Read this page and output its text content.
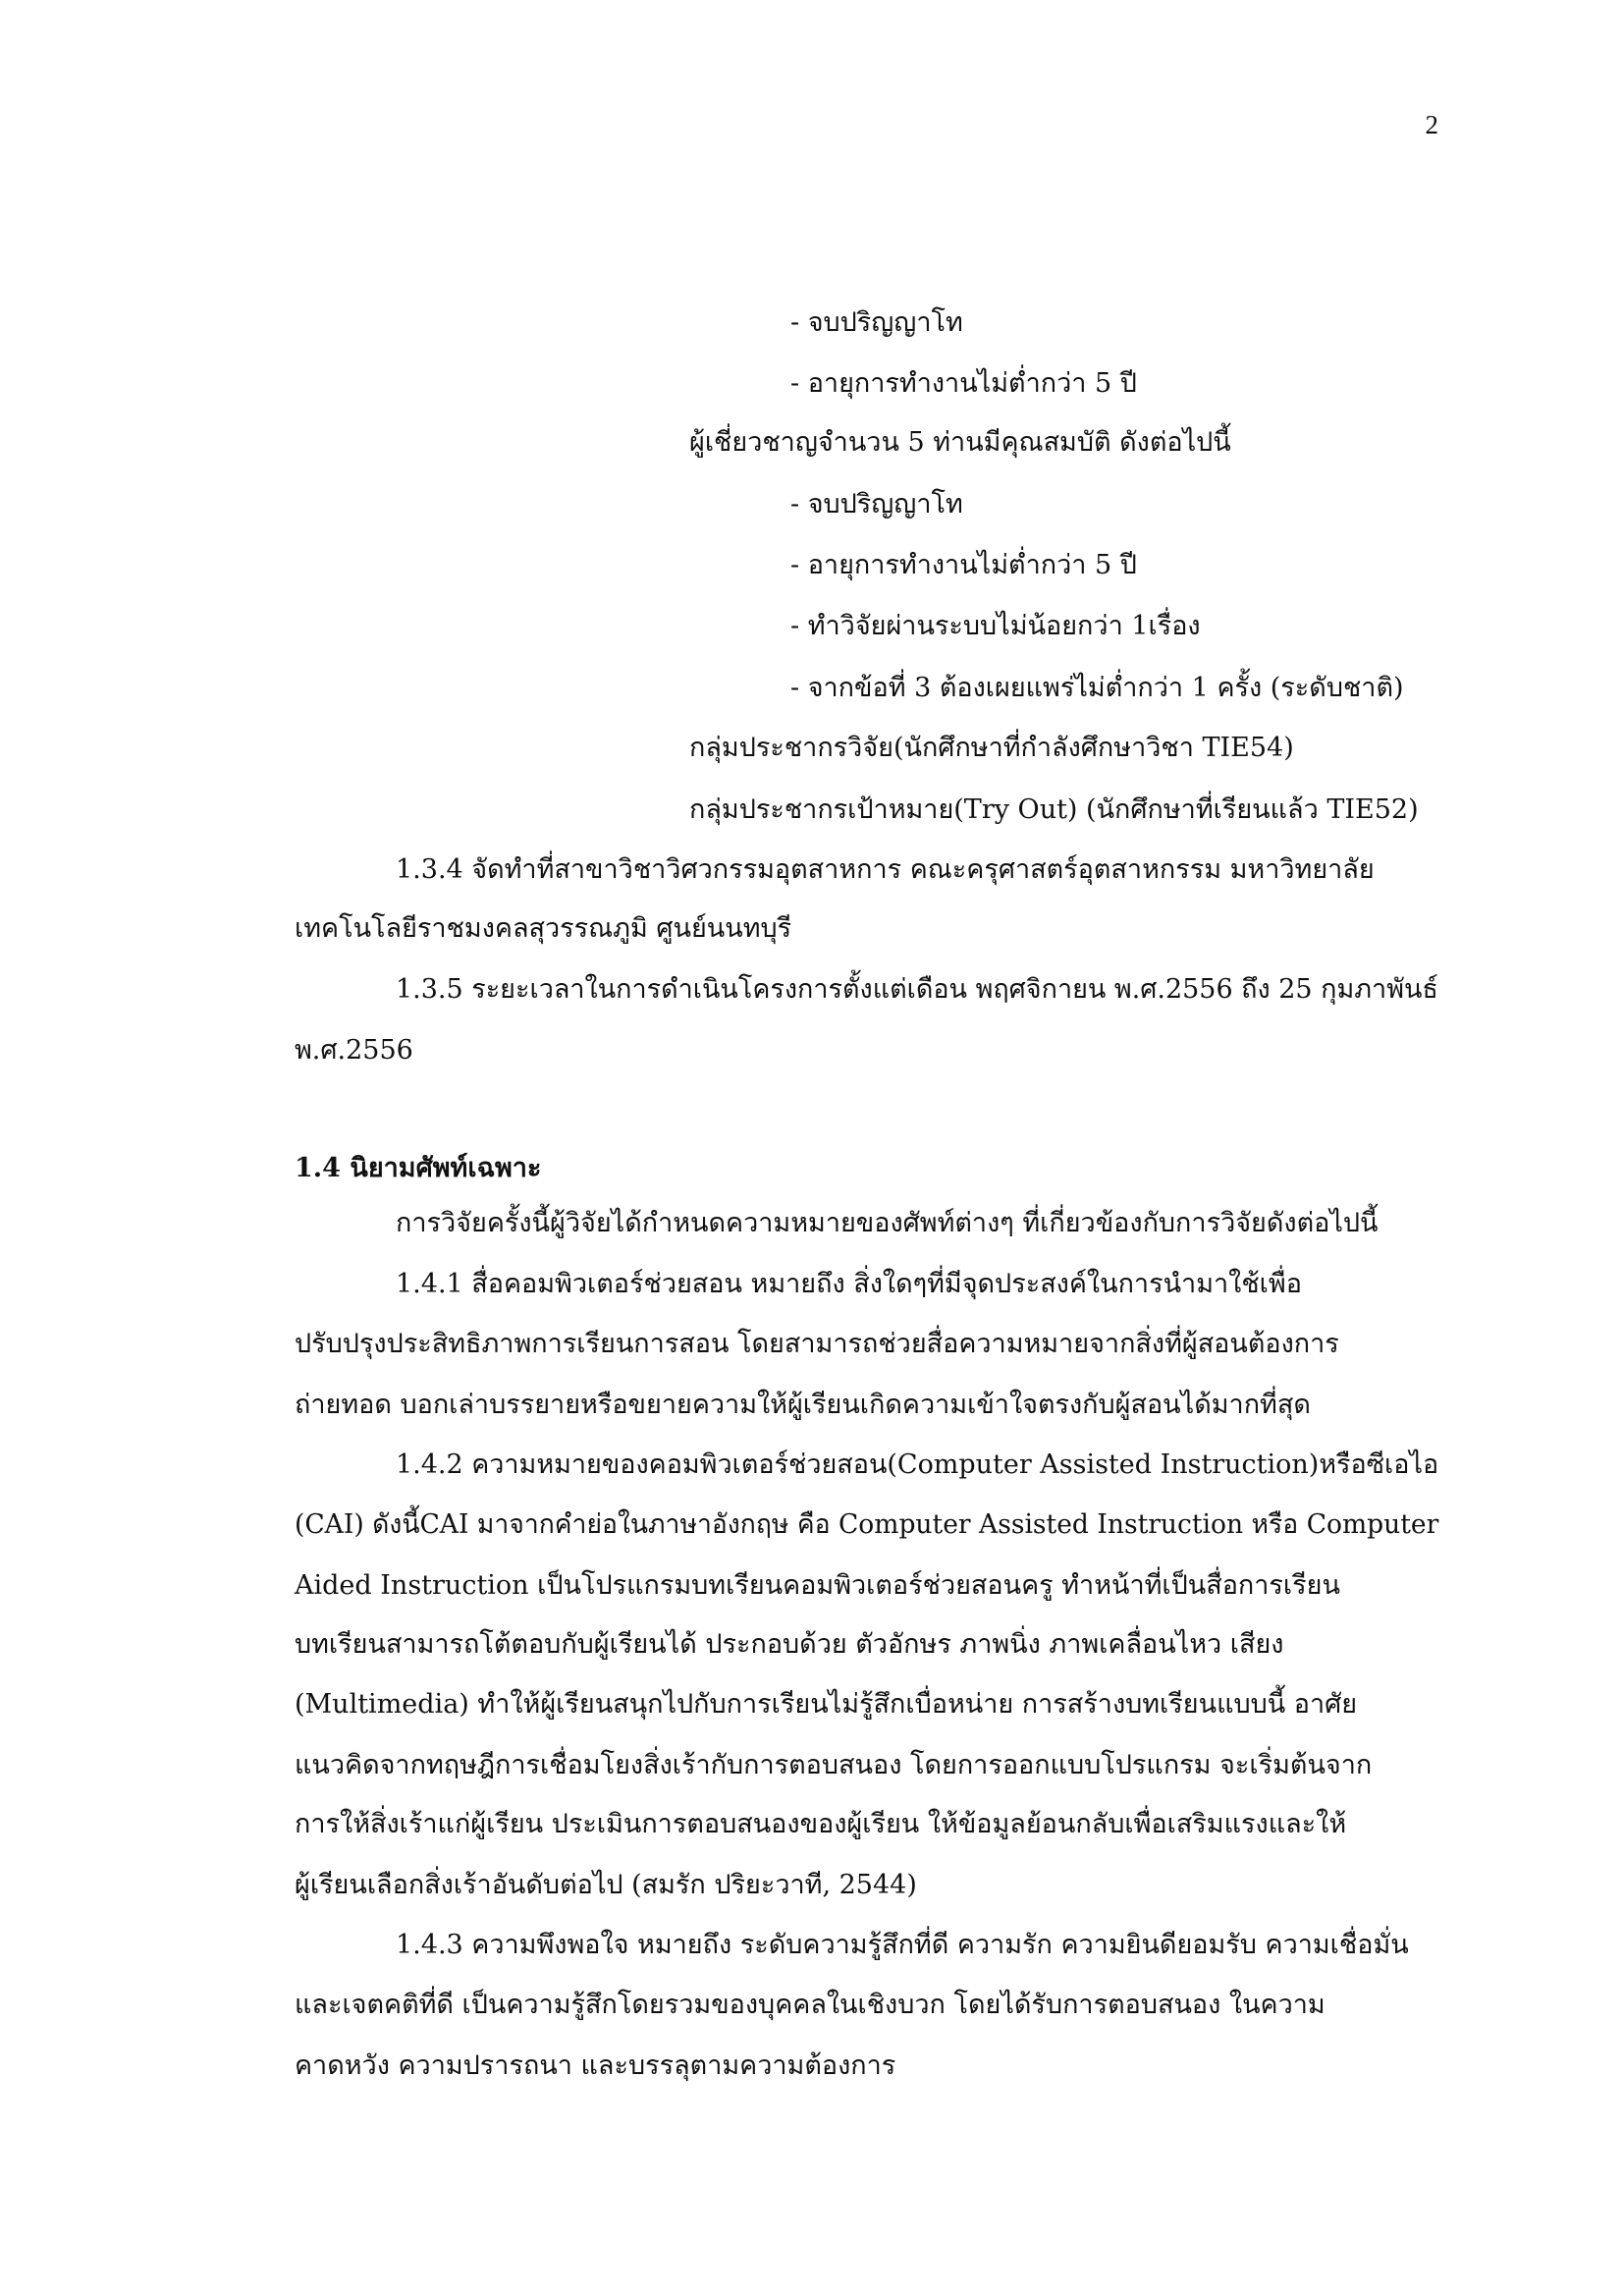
2
- จบปริญญาโท
- อายุการทำงานไม่ต่ำกว่า 5 ปี
ผู้เชี่ยวชาญจำนวน 5 ท่านมีคุณสมบัติ ดังต่อไปนี้
- จบปริญญาโท
- อายุการทำงานไม่ต่ำกว่า 5 ปี
- ทำวิจัยผ่านระบบไม่น้อยกว่า 1เรื่อง
- จากข้อที่ 3 ต้องเผยแพร่ไม่ต่ำกว่า 1 ครั้ง (ระดับชาติ)
กลุ่มประชากรวิจัย(นักศึกษาที่กำลังศึกษาวิชา TIE54)
กลุ่มประชากรเป้าหมาย(Try Out) (นักศึกษาที่เรียนแล้ว TIE52)
1.3.4 จัดทำที่สาขาวิชาวิศวกรรมอุตสาหการ คณะครุศาสตร์อุตสาหกรรม มหาวิทยาลัย
เทคโนโลยีราชมงคลสุวรรณภูมิ ศูนย์นนทบุรี
1.3.5 ระยะเวลาในการดำเนินโครงการตั้งแต่เดือน พฤศจิกายน พ.ศ.2556 ถึง 25 กุมภาพันธ์
พ.ศ.2556
1.4 นิยามศัพท์เฉพาะ
การวิจัยครั้งนี้ผู้วิจัยได้กำหนดความหมายของศัพท์ต่างๆ ที่เกี่ยวข้องกับการวิจัยดังต่อไปนี้
1.4.1 สื่อคอมพิวเตอร์ช่วยสอน หมายถึง สิ่งใดๆที่มีจุดประสงค์ในการนำมาใช้เพื่อ
ปรับปรุงประสิทธิภาพการเรียนการสอน โดยสามารถช่วยสื่อความหมายจากสิ่งที่ผู้สอนต้องการ
ถ่ายทอด บอกเล่าบรรยายหรือขยายความให้ผู้เรียนเกิดความเข้าใจตรงกับผู้สอนได้มากที่สุด
1.4.2 ความหมายของคอมพิวเตอร์ช่วยสอน(Computer Assisted Instruction)หรือซีเอไอ
(CAI) ดังนี้CAI มาจากคำย่อในภาษาอังกฤษ คือ Computer Assisted Instruction หรือ Computer
Aided Instruction เป็นโปรแกรมบทเรียนคอมพิวเตอร์ช่วยสอนครู ทำหน้าที่เป็นสื่อการเรียน
บทเรียนสามารถโต้ตอบกับผู้เรียนได้ ประกอบด้วย ตัวอักษร ภาพนิ่ง ภาพเคลื่อนไหว เสียง
(Multimedia) ทำให้ผู้เรียนสนุกไปกับการเรียนไม่รู้สึกเบื่อหน่าย การสร้างบทเรียนแบบนี้ อาศัย
แนวคิดจากทฤษฎีการเชื่อมโยงสิ่งเร้ากับการตอบสนอง โดยการออกแบบโปรแกรม จะเริ่มต้นจาก
การให้สิ่งเร้าแก่ผู้เรียน ประเมินการตอบสนองของผู้เรียน ให้ข้อมูลย้อนกลับเพื่อเสริมแรงและให้
ผู้เรียนเลือกสิ่งเร้าอันดับต่อไป (สมรัก ปริยะวาที, 2544)
1.4.3 ความพึงพอใจ หมายถึง ระดับความรู้สึกที่ดี ความรัก ความยินดียอมรับ ความเชื่อมั่น
และเจตคติที่ดี เป็นความรู้สึกโดยรวมของบุคคลในเชิงบวก โดยได้รับการตอบสนอง ในความ
คาดหวัง ความปรารถนา และบรรลุตามความต้องการ
